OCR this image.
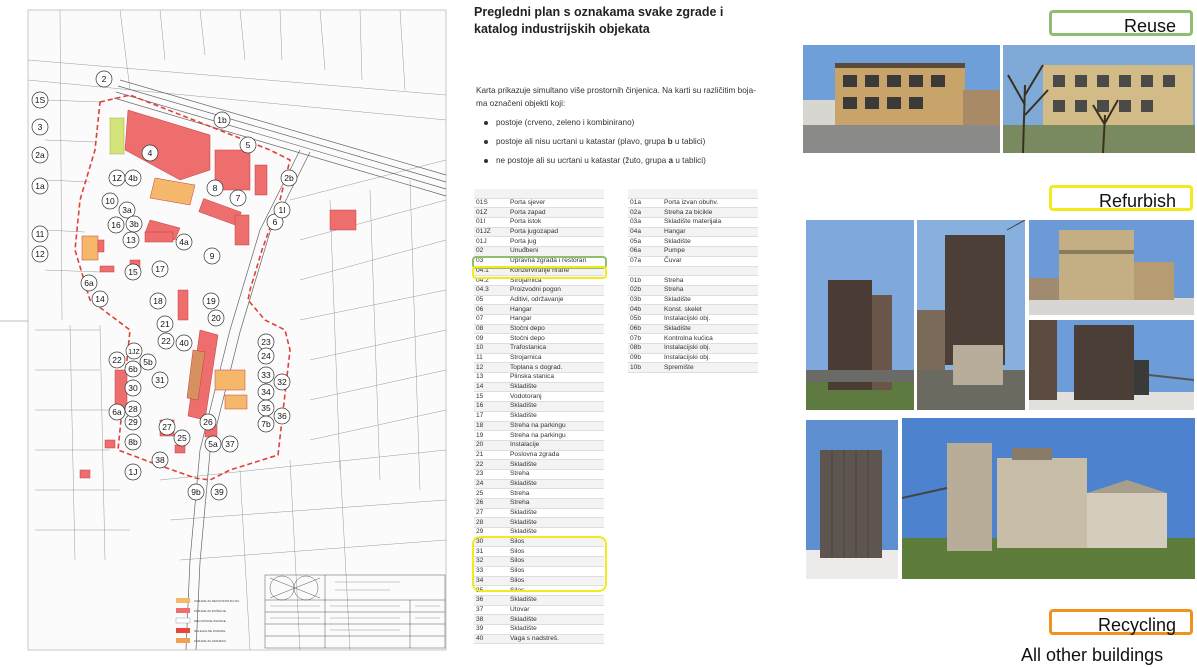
ZGRADE ZA REKONSTRUKCIJU
ZGRADE ZA RUŠENJE
NEUCRTANE ZGRADE
NELEGALNE ZGRADE
ZGRADE ZA ZAMJENU
1S
2
3
2a
1a
11
12
4
1b
5
1Z 4b	2b
8
7
10
3a
3b
16
13	4a
9
6
1I
6a
14
15 17
18	19
20
21
22 40	23
24
1JZ
22	5b
6b
31
30
33
32
34
35
6a
29
28
27	26
36
7b
8b	25
5a 37
38
1J
9b 39
Pregledni plan s oznakama svake zgrade i
katalog industrijskih objekata
Karta prikazuje simultano više prostornih činjenica. Na karti su različitim boja-
ma označeni objekti koji:
postoje (crveno, zeleno i kombinirano)
postoje ali nisu ucrtani u katastar (plavo, grupa b u tablici)
ne postoje ali su ucrtani u katastar (žuto, grupa a u tablici)

01S	Porta sjever
01Z	Porta zapad
01I	Porta istok
01JZ	Porta jugozapad
01J	Porta jug
02	Unuđbeni
03	Upravna zgrada i restoran
04.1	Konzerviranje hrane
04.2	Strojarnica
04.3	Proizvodni pogon
05	Aditivi, održavanje
06	Hangar
07	Hangar
08	Stočni depo
09	Stočni depo
10	Trafostanica
11	Strojarnica
12	Toplana s dograd.
13	Plinska stanica
14	Skladište
15	Vodotoranj
16	Skladište
17	Skladište
18	Streha na parkingu
19	Streha na parkingu
20	Instalacije
21	Poslovna zgrada
22	Skladište
23	Streha
24	Skladište
25	Streha
26	Streha
27	Skladište
28	Skladište
29	Skladište
30	Silos
31	Silos
32	Silos
33	Silos
34	Silos
35	Silos
36	Skladište
37	Utovar
38	Skladište
39	Skladište
40	Vaga s nadstreš.

01a	Porta izvan obuhv.
02a	Streha za bicikle
03a	Skladište materijala
04a	Hangar
05a	Skladište
06a	Pumpe
07a	Čuvar

01b	Streha
02b	Streha
03b	Skladište
04b	Konst. skelet
05b	Instalacijski obj.
06b	Skladište
07b	Kontrolna kućica
08b	Instalacijski obj.
09b	Instalacijski obj.
10b	Spremište
Reuse
Refurbish
Recycling
All other buildings
